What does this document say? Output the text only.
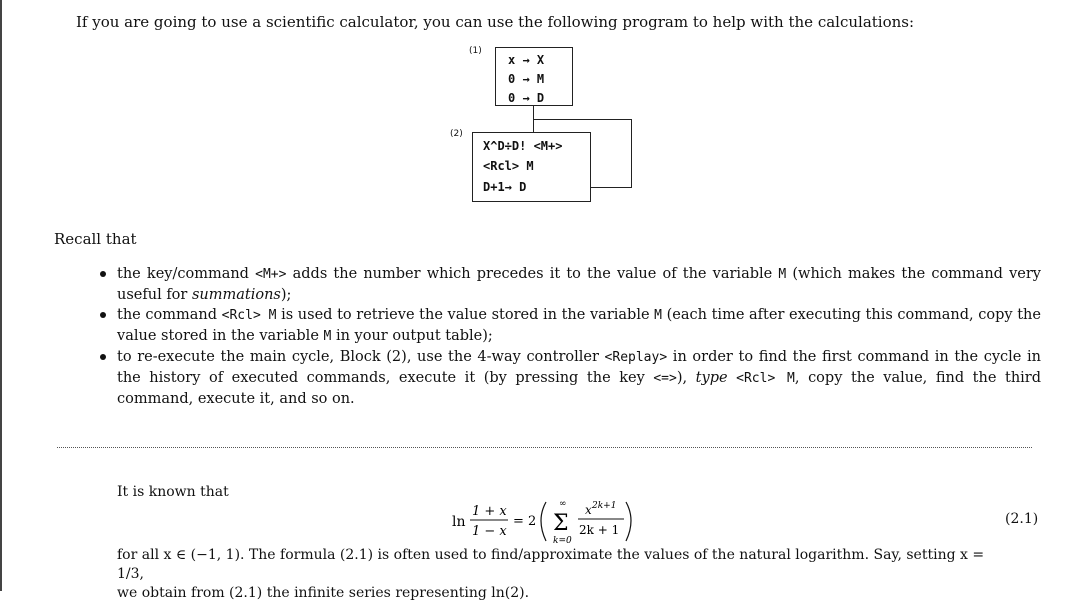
If you are going to use a scientific calculator, you can use the following program to help with the calculations:
(1)
x → X
0 → M
0 → D
(2)
X^D÷D! <M+>
<Rcl> M
D+1→ D
Recall that
the key/command <M+> adds the number which precedes it to the value of the variable M (which makes the command very useful for summations);
the command <Rcl> M is used to retrieve the value stored in the variable M (each time after executing this command, copy the value stored in the variable M in your output table);
to re-execute the main cycle, Block (2), use the 4-way controller <Replay> in order to find the first command in the cycle in the history of executed commands, execute it (by pressing the key <=>), type <Rcl> M, copy the value, find the third command, execute it, and so on.
It is known that
ln
1 + x
1 − x
= 2
∞
Σ
k=0
x 2k+1
2k + 1
(2.1)
for all x ∈ (−1, 1). The formula (2.1) is often used to find/approximate the values of the natural logarithm. Say, setting x = 1/3,
we obtain from (2.1) the infinite series representing ln(2).
